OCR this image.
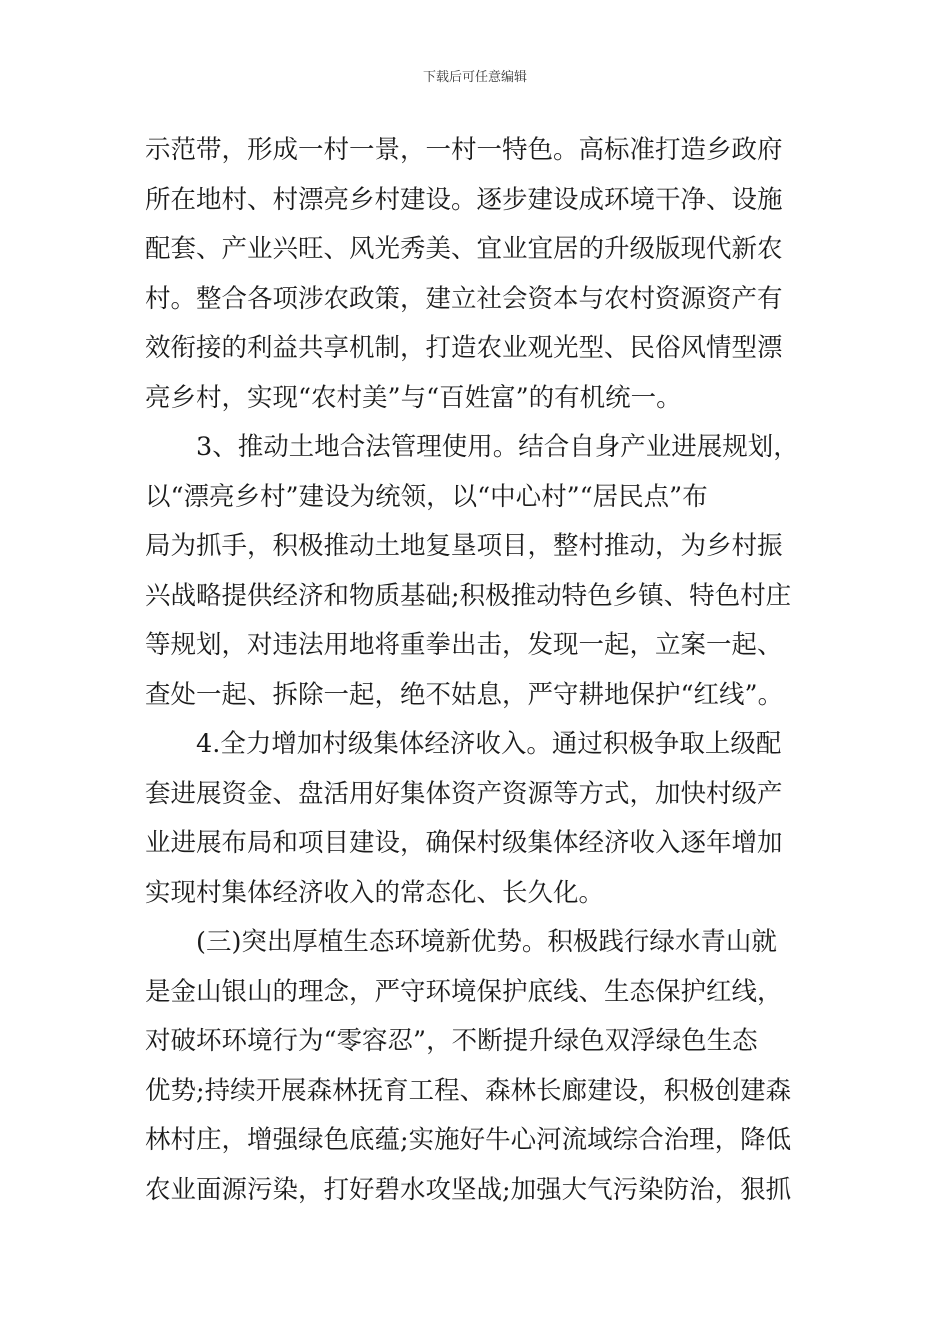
下载后可任意编辑
示范带，形成一村一景，一村一特色。高标准打造乡政府
所在地村、村漂亮乡村建设。逐步建设成环境干净、设施
配套、产业兴旺、风光秀美、宜业宜居的升级版现代新农
村。整合各项涉农政策，建立社会资本与农村资源资产有
效衔接的利益共享机制，打造农业观光型、民俗风情型漂
亮乡村，实现“农村美”与“百姓富”的有机统一。
3、推动土地合法管理使用。结合自身产业进展规划，
以“漂亮乡村”建设为统领，以“中心村”“居民点”布
局为抓手，积极推动土地复垦项目，整村推动，为乡村振
兴战略提供经济和物质基础;积极推动特色乡镇、特色村庄
等规划，对违法用地将重拳出击，发现一起，立案一起、
查处一起、拆除一起，绝不姑息，严守耕地保护“红线”。
4.全力增加村级集体经济收入。通过积极争取上级配
套进展资金、盘活用好集体资产资源等方式，加快村级产
业进展布局和项目建设，确保村级集体经济收入逐年增加
实现村集体经济收入的常态化、长久化。
(三)突出厚植生态环境新优势。积极践行绿水青山就
是金山银山的理念，严守环境保护底线、生态保护红线，
对破坏环境行为“零容忍”，不断提升绿色双浮绿色生态
优势;持续开展森林抚育工程、森林长廊建设，积极创建森
林村庄，增强绿色底蕴;实施好牛心河流域综合治理，降低
农业面源污染，打好碧水攻坚战;加强大气污染防治，狠抓
